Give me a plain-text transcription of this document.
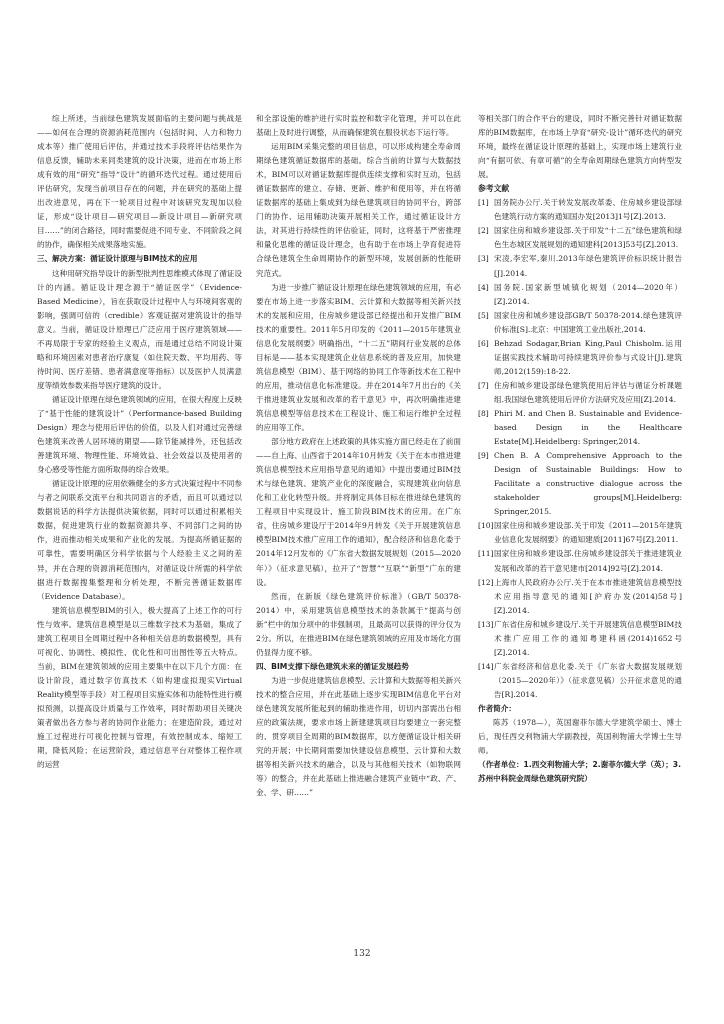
综上所述，当前绿色建筑发展面临的主要问题与挑战是——如何在合理的资源消耗范围内（包括时间、人力和物力成本等）推广使用后评估，并通过技术手段将评估结果作为信息反馈，辅助未来同类建筑的设计决策，进而在市场上形成有效的用“研究”指导“设计”的循环迭代过程。通过使用后评估研究，发现当前项目存在的问题，并在研究的基础上提出改进意见，再在下一轮项目过程中对该研究发现加以验证，形成“设计项目—研究项目—新设计项目—新研究项目……”的闭合路径，同时需要促进不同专业、不同阶段之间的协作，确保相关成果落地实施。

三、解决方案：循证设计原理与BIM技术的应用

这种用研究指导设计的新型批判性思维模式体现了循证设计的内涵。循证设计理念源于“循证医学”（Evidence-Based Medicine），旨在获取设计过程中人与环境间客观的影响，强调可信的（credible）客观证据对建筑设计的指导意义。当前，循证设计原理已广泛应用于医疗建筑领域——不再局限于专家的经验主义观点，而是通过总结不同设计策略和环境因素对患者治疗康复（如住院天数、平均用药、等待时间、医疗差错、患者满意度等指标）以及医护人员满意度等绩效参数来指导医疗建筑的设计。

循证设计原理在绿色建筑领域的应用，在很大程度上反映了“基于性能的建筑设计”（Performance-based Building Design）理念与使用后评估的价值，以及人们对通过完善绿色建筑来改善人居环境的期望——除节能减排外，还包括改善建筑环境、物理性能、环境效益、社会效益以及使用者的身心感受等性能方面所取得的综合效果。

循证设计原理的应用依赖健全的多方式决策过程中不同参与者之间联系交流平台和共同语言的矛盾，而且可以通过以数据说话的科学方法提供决策依据，同时可以通过积累相关数据，促进建筑行业的数据资源共享、不同部门之间的协作，进而推动相关成果和产业化的发展。为提高所循证据的可靠性，需要明确区分科学依据与个人经验主义之间的差异，并在合理的资源消耗范围内，对循证设计所需的科学依据进行数据搜集整理和分析处理，不断完善循证数据库（Evidence Database）。

建筑信息模型BIM的引入，极大提高了上述工作的可行性与效率。建筑信息模型是以三维数字技术为基础，集成了建筑工程项目全周期过程中各种相关信息的数据模型，具有可视化、协调性、模拟性、优化性和可出图性等五大特点。当前，BIM在建筑领域的应用主要集中在以下几个方面：在设计阶段，通过数字仿真技术（如构建虚拟现实Virtual Reality模型等手段）对工程项目实施实体和功能特性进行模拟预测，以提高设计质量与工作效率，同时帮助项目关键决策者做出各方参与者的协同作业能力；在建造阶段，通过对施工过程进行可视化控制与管理，有效控制成本、缩短工期，降低风险；在运营阶段，通过信息平台对整体工程作项的运营

和全部设施的维护进行实时监控和数字化管理，并可以在此基础上及时进行调整，从而确保建筑在服役状态下运行等。

运用BIM采集完整的项目信息，可以形成构建全寿命周期绿色建筑循证数据库的基础。综合当前的计算与大数据技术，BIM可以对循证数据库提供连续支撑和实时互动，包括循证数据库的建立、存储、更新、维护和使用等，并在将循证数据库的基础上集成到为绿色建筑项目的协同平台，跨部门的协作、运用辅助决策开展相关工作，通过循证设计方法，对其进行持续性的评估验证，同时，这将基于严密推理和量化思维的循证设计理念，也有助于在市场上孕育促进符合绿色建筑全生命周期协作的新型环境，发展创新的性能研究范式。

为进一步推广循证设计原理在绿色建筑领域的应用，有必要在市场上进一步落实BIM、云计算和大数据等相关新兴技术的发展和应用，住房城乡建设部已经提出和开发推广BIM技术的重要性。2011年5月印发的《2011—2015年建筑业信息化发展纲要》明确指出，“十二五”期间行业发展的总体目标是——基本实现建筑企业信息系统的普及应用，加快建筑信息模型（BIM）、基于网络的协同工作等新技术在工程中的应用，推动信息化标准建设。并在2014年7月出台的《关于推进建筑业发展和改革的若干意见》中，再次明确推进建筑信息模型等信息技术在工程设计、施工和运行维护全过程的应用等工作。

部分地方政府在上述政策的具体实施方面已经走在了前面——自上海、山西省于2014年10月转发《关于在本市推进建筑信息模型技术应用指导意见的通知》中提出要通过BIM技术与绿色建筑、建筑产业化的深度融合，实现建筑业向信息化和工业化转型升级。并将制定具体目标在推进绿色建筑的工程项目中实现设计、施工阶段BIM技术的应用。在广东省，住房城乡建设厅于2014年9月转发《关于开展建筑信息模型BIM技术推广应用工作的通知》，配合经济和信息化委于2014年12月发布的《广东省大数据发展规划（2015—2020年）》（征求意见稿），拉开了“智慧”“互联”“新型”广东的建设。

然而，在新版《绿色建筑评价标准》（GB/T 50378-2014）中，采用建筑信息模型技术的条款属于“提高与创新”栏中的加分项中的非强制项，且最高可以获得的评分仅为2分。所以，在推进BIM在绿色建筑领域的应用及市场化方面仍显得力度不够。

四、BIM支撑下绿色建筑未来的循证发展趋势

为进一步促进建筑信息模型、云计算和大数据等相关新兴技术的整合应用，并在此基础上逐步实现BIM信息化平台对绿色建筑发展所能起到的辅助推进作用，切切内部需出台相应的政策法规，要求市场上新建建筑项目均要建立一套完整的、贯穿项目全周期的BIM数据库，以方便循证设计相关研究的开展；中长期间需要加快建设信息模型、云计算和大数据等相关新兴技术的融合，以及与其他相关技术（如物联网等）的整合，并在此基础上推进融合建筑产业链中“政、产、金、学、研……”

等相关部门的合作平台的建设，同时不断完善针对循证数据库的BIM数据库，在市场上孕育“研究-设计”循环迭代的研究环境，最终在循证设计原理的基础上，实现市场上建筑行业向“有据可依、有章可循”的全寿命周期绿色建筑方向转型发展。

参考文献

[1] 国务院办公厅.关于转发发展改革委、住房城乡建设部绿色建筑行动方案的通知国办发[2013]1号[Z].2013.
[2] 国家住房和城乡建设部.关于印发“十二五”绿色建筑和绿色生态城区发展规划的通知建科[2013]53号[Z].2013.
[3] 宋凌,李宏军,秦川.2013年绿色建筑评价标识统计报告[J].2014.
[4] 国务院.国家新型城镇化规划（2014—2020年）[Z].2014.
[5] 国家住房和城乡建设部GB/T 50378-2014.绿色建筑评价标准[S].北京：中国建筑工业出版社,2014.
[6] Behzad Sodagar,Brian King,Paul Chisholm.运用证据实践技术辅助可持续建筑评价参与式设计[J].建筑师,2012(159):18-22.
[7] 住房和城乡建设部绿色建筑使用后评估与循证分析课题组.我国绿色建筑使用后评价方法研究及应用[Z].2014.
[8] Phiri M. and Chen B. Sustainable and Evidence-based Design in the Healthcare Estate[M].Heidelberg: Springer,2014.
[9] Chen B. A Comprehensive Approach to the Design of Sustainable Buildings: How to Facilitate a constructive dialogue across the stakeholder groups[M].Heidelberg: Springer,2015.
[10] 国家住房和城乡建设部.关于印发《2011—2015年建筑业信息化发展纲要》的通知建质[2011]67号[Z].2011.
[11] 国家住房和城乡建设部.住房城乡建设部关于推进建筑业发展和改革的若干意见建市[2014]92号[Z].2014.
[12] 上海市人民政府办公厅.关于在本市推进建筑信息模型技术应用指导意见的通知[沪府办发(2014)58号][Z].2014.
[13] 广东省住房和城乡建设厅.关于开展建筑信息模型BIM技术推广应用工作的通知粤建科函(2014)1652号[Z].2014.
[14] 广东省经济和信息化委.关于《广东省大数据发展规划（2015—2020年）》（征求意见稿）公开征求意见的通告[R].2014.

作者简介：

陈苏（1978—），英国谢菲尔德大学建筑学硕士、博士后，现任西交利物浦大学副教授，英国利物浦大学博士生导师。

（作者单位：1.西交利物浦大学；2.谢菲尔德大学（英）；3.苏州中科院金周绿色建筑研究院）

132
